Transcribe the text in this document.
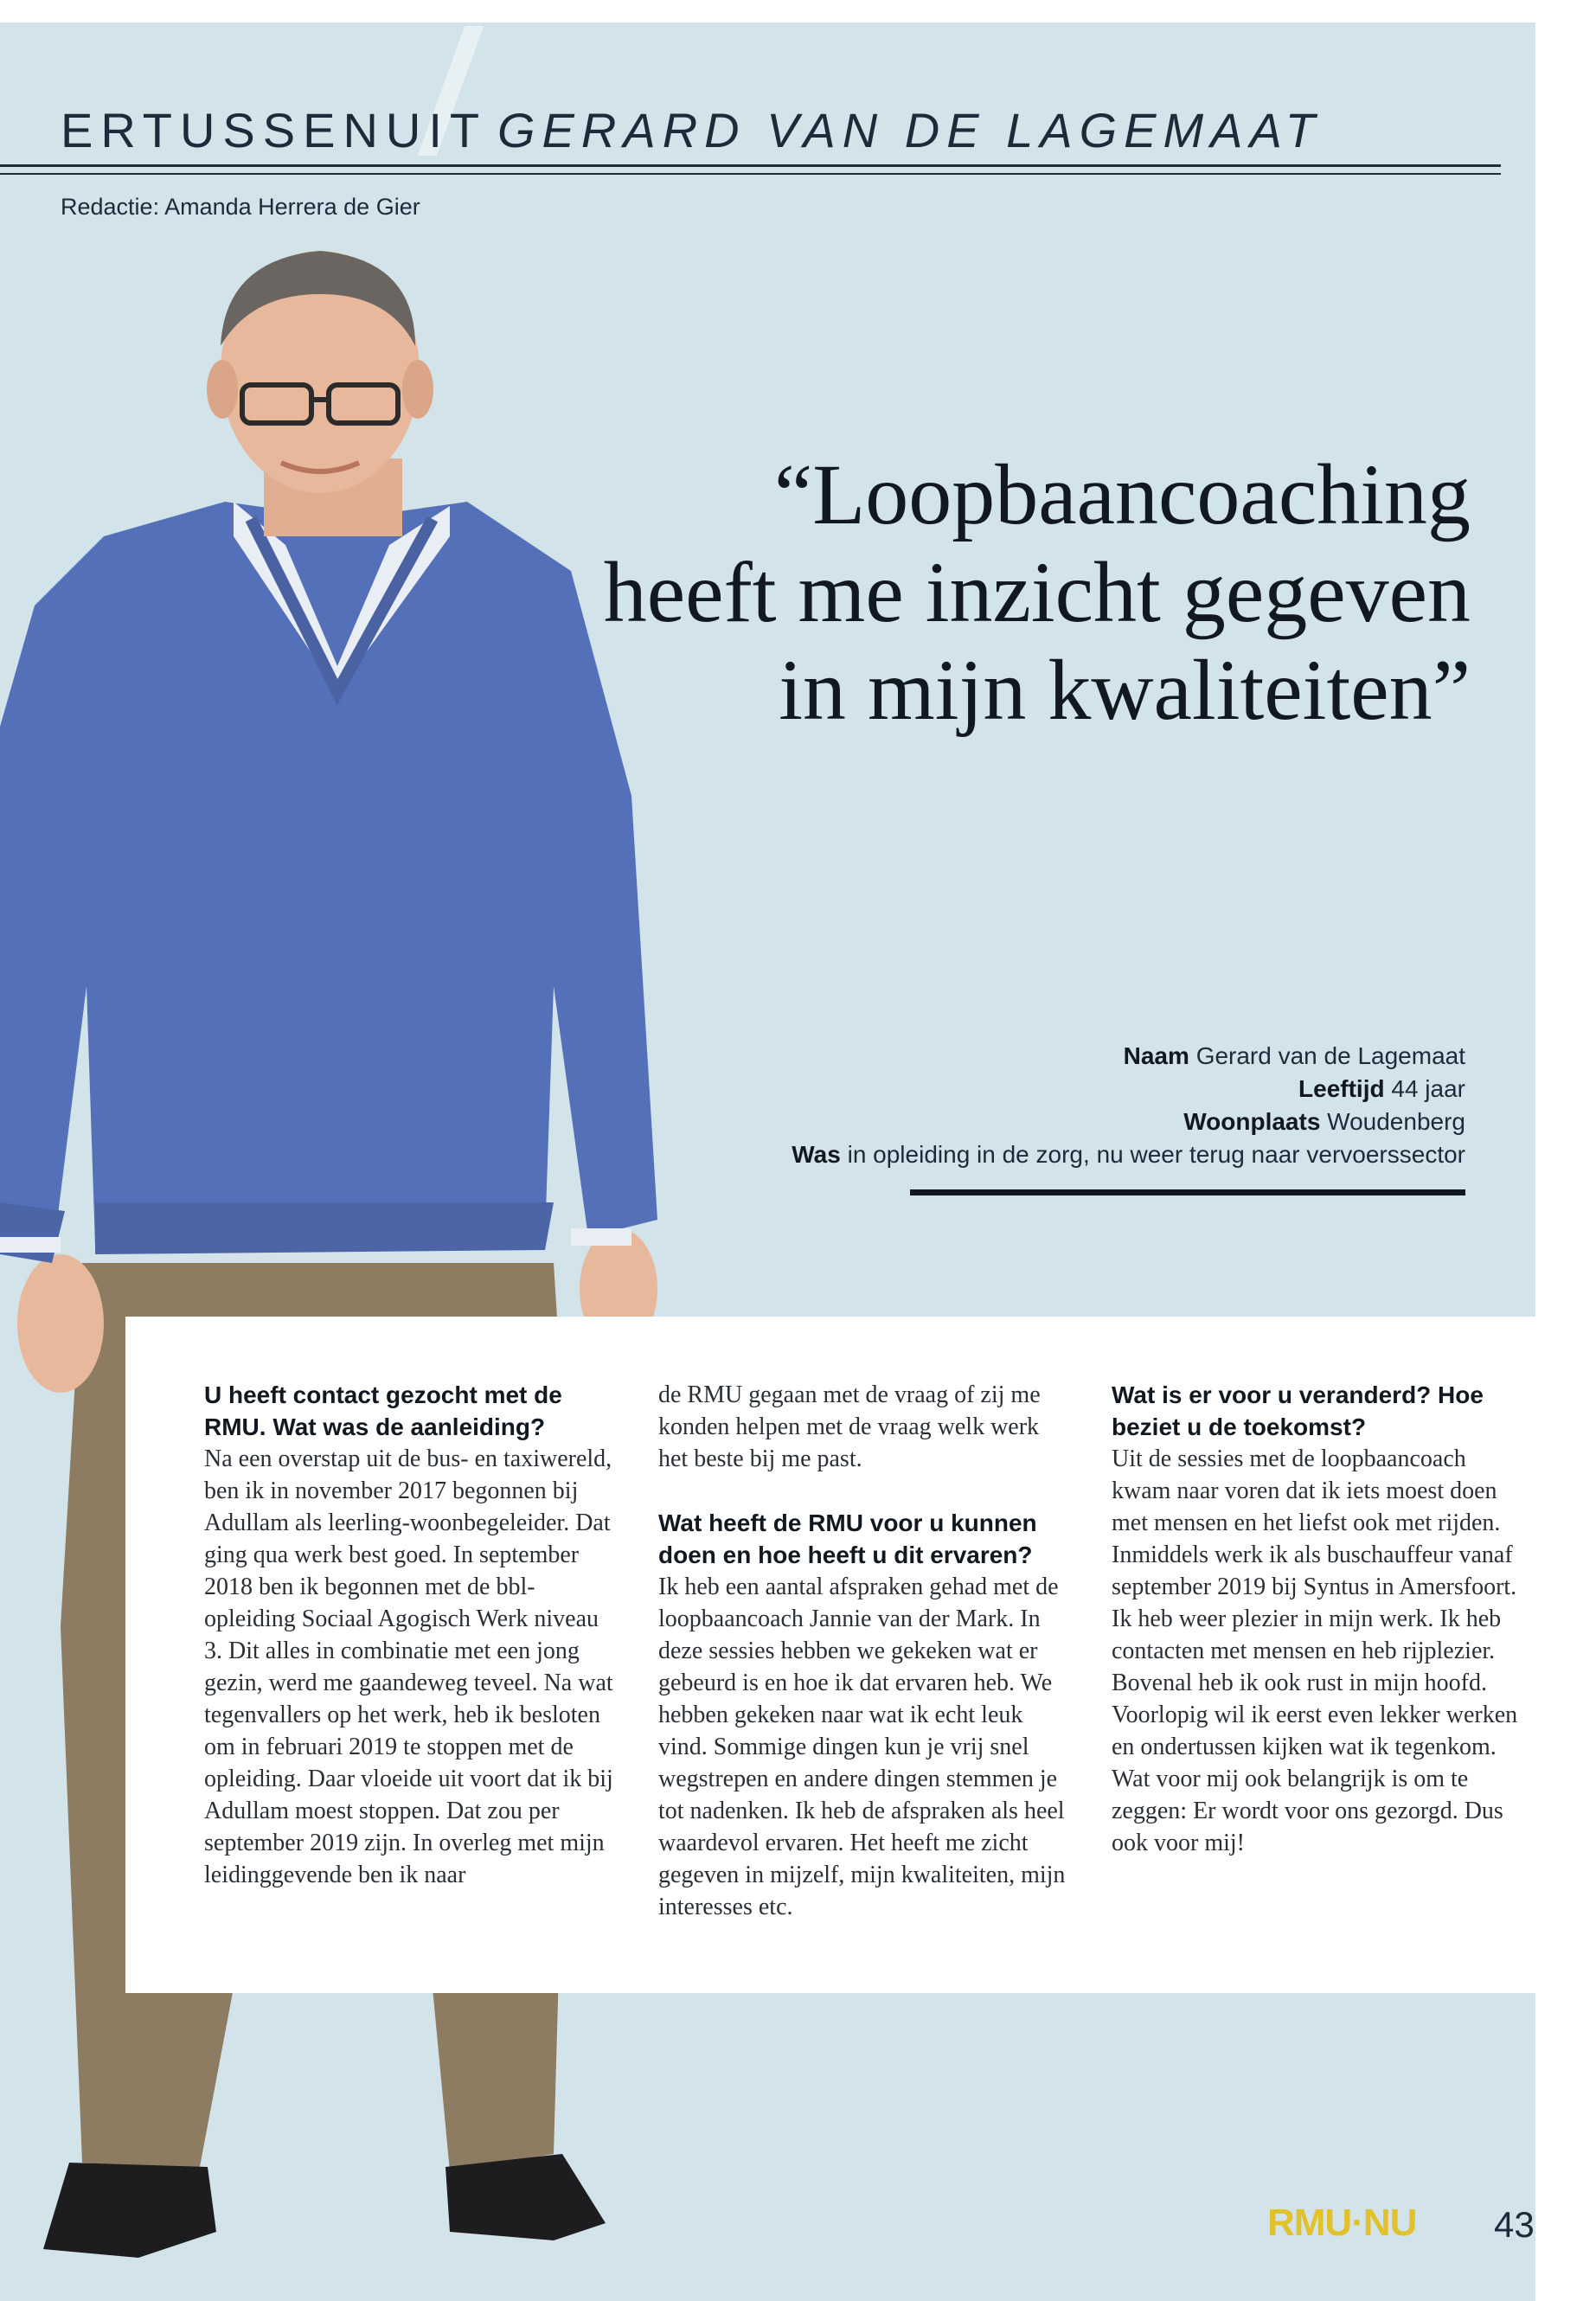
ERTUSSENUIT GERARD VAN DE LAGEMAAT
Redactie: Amanda Herrera de Gier
“Loopbaancoaching
heeft me inzicht gegeven
in mijn kwaliteiten”
Naam Gerard van de Lagemaat
Leeftijd 44 jaar
Woonplaats Woudenberg
Was in opleiding in de zorg, nu weer terug naar vervoerssector
U heeft contact gezocht met de RMU. Wat was de aanleiding?
Na een overstap uit de bus- en taxiwereld, ben ik in november 2017 begonnen bij Adullam als leerling-woonbegeleider. Dat ging qua werk best goed. In september 2018 ben ik begonnen met de bbl-opleiding Sociaal Agogisch Werk niveau 3. Dit alles in combinatie met een jong gezin, werd me gaandeweg teveel. Na wat tegenvallers op het werk, heb ik besloten om in februari 2019 te stoppen met de opleiding. Daar vloeide uit voort dat ik bij Adullam moest stoppen. Dat zou per september 2019 zijn. In overleg met mijn leidinggevende ben ik naar
de RMU gegaan met de vraag of zij me konden helpen met de vraag welk werk het beste bij me past.
Wat heeft de RMU voor u kunnen doen en hoe heeft u dit ervaren?
Ik heb een aantal afspraken gehad met de loopbaancoach Jannie van der Mark. In deze sessies hebben we gekeken wat er gebeurd is en hoe ik dat ervaren heb. We hebben gekeken naar wat ik echt leuk vind. Sommige dingen kun je vrij snel wegstrepen en andere dingen stemmen je tot nadenken. Ik heb de afspraken als heel waardevol ervaren. Het heeft me zicht gegeven in mijzelf, mijn kwaliteiten, mijn interesses etc.
Wat is er voor u veranderd? Hoe beziet u de toekomst?
Uit de sessies met de loopbaancoach kwam naar voren dat ik iets moest doen met mensen en het liefst ook met rijden. Inmiddels werk ik als buschauffeur vanaf september 2019 bij Syntus in Amersfoort. Ik heb weer plezier in mijn werk. Ik heb contacten met mensen en heb rijplezier. Bovenal heb ik ook rust in mijn hoofd. Voorlopig wil ik eerst even lekker werken en ondertussen kijken wat ik tegenkom.
Wat voor mij ook belangrijk is om te zeggen: Er wordt voor ons gezorgd. Dus ook voor mij!
RMU·NU 43
